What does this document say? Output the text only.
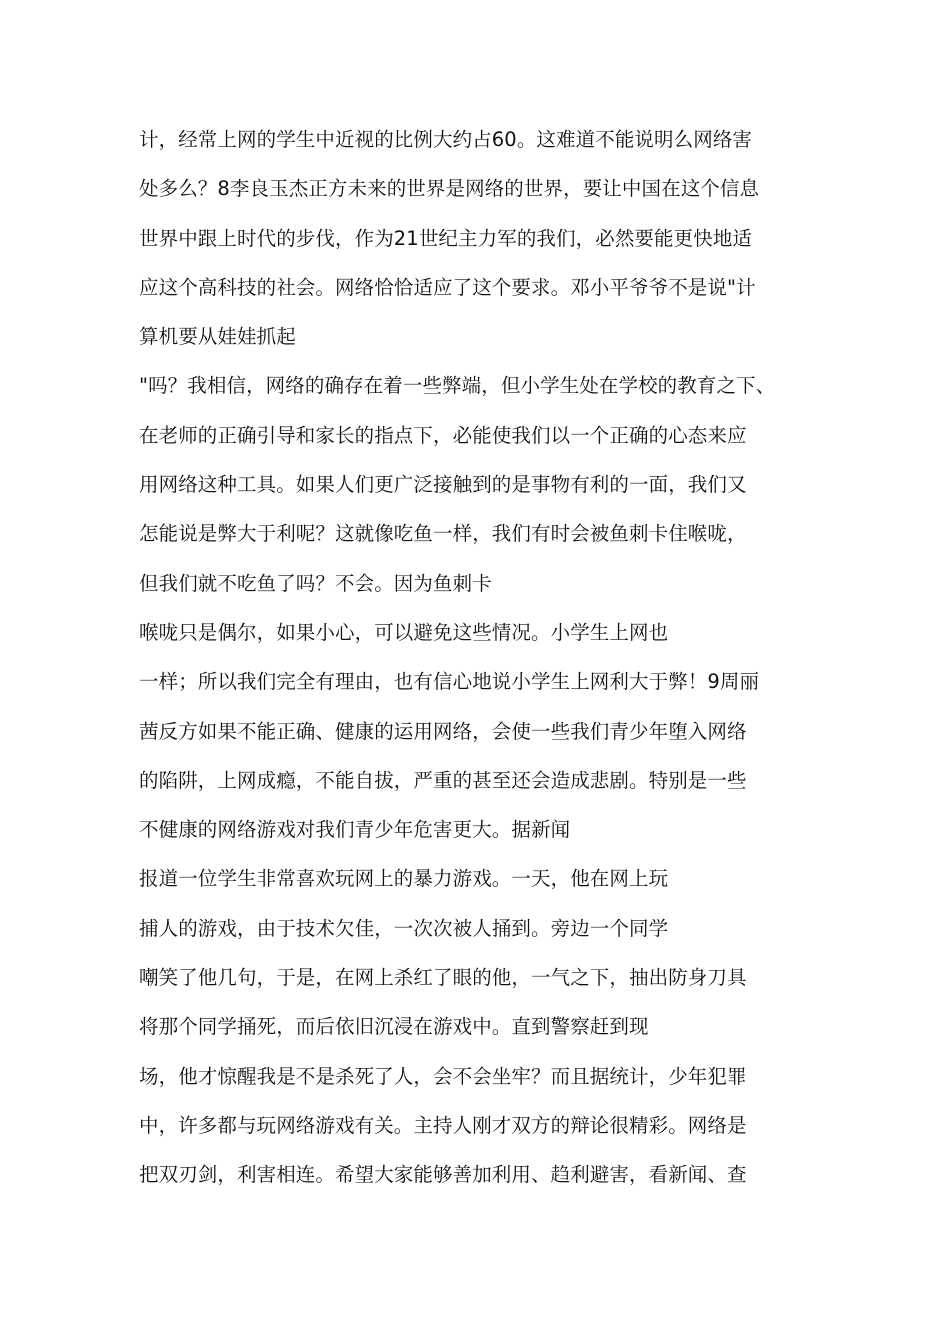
计，经常上网的学生中近视的比例大约占60。这难道不能说明么网络害
处多么？8李良玉杰正方未来的世界是网络的世界，要让中国在这个信息
世界中跟上时代的步伐，作为21世纪主力军的我们，必然要能更快地适
应这个高科技的社会。网络恰恰适应了这个要求。邓小平爷爷不是说"计
算机要从娃娃抓起
"吗？我相信，网络的确存在着一些弊端，但小学生处在学校的教育之下、
在老师的正确引导和家长的指点下，必能使我们以一个正确的心态来应
用网络这种工具。如果人们更广泛接触到的是事物有利的一面，我们又
怎能说是弊大于利呢？这就像吃鱼一样，我们有时会被鱼刺卡住喉咙，
但我们就不吃鱼了吗？不会。因为鱼刺卡
喉咙只是偶尔，如果小心，可以避免这些情况。小学生上网也
一样；所以我们完全有理由，也有信心地说小学生上网利大于弊！9周丽
茜反方如果不能正确、健康的运用网络，会使一些我们青少年堕入网络
的陷阱，上网成瘾，不能自拔，严重的甚至还会造成悲剧。特别是一些
不健康的网络游戏对我们青少年危害更大。据新闻
报道一位学生非常喜欢玩网上的暴力游戏。一天，他在网上玩
捕人的游戏，由于技术欠佳，一次次被人捅到。旁边一个同学
嘲笑了他几句，于是，在网上杀红了眼的他，一气之下，抽出防身刀具
将那个同学捅死，而后依旧沉浸在游戏中。直到警察赶到现
场，他才惊醒我是不是杀死了人，会不会坐牢？而且据统计，少年犯罪
中，许多都与玩网络游戏有关。主持人刚才双方的辩论很精彩。网络是
把双刃剑，利害相连。希望大家能够善加利用、趋利避害，看新闻、查
